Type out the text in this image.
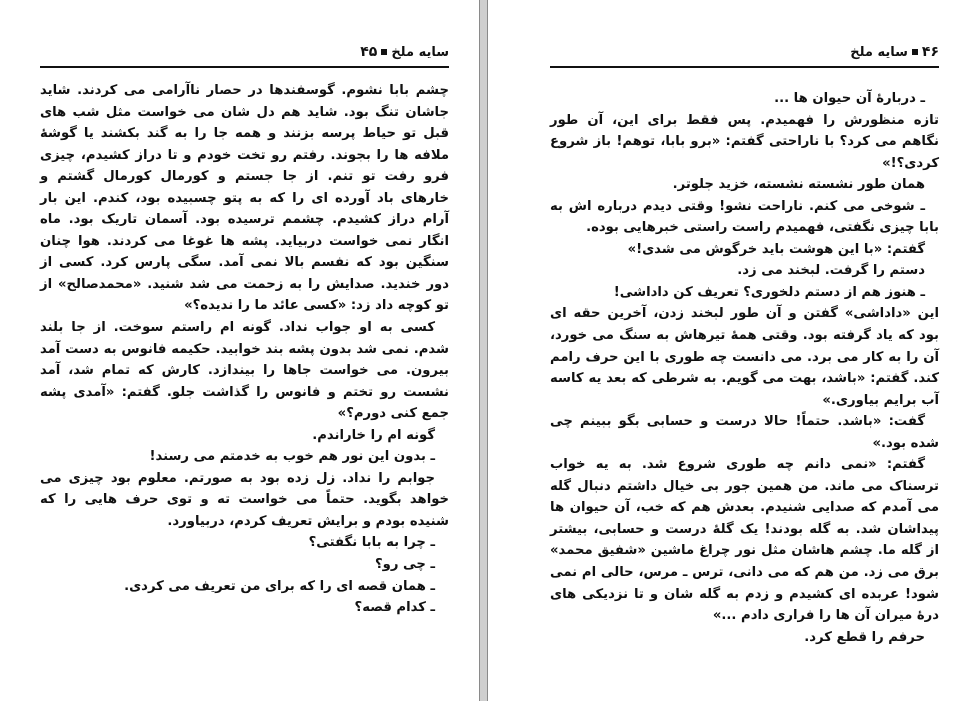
سایه ملخ۴۵

چشم بابا نشوم. گوسفندها در حصار ناآرامی می کردند. شاید جاشان تنگ بود. شاید هم دل شان می خواست مثل شب های قبل تو حیاط پرسه بزنند و همه جا را به گند بکشند یا گوشهٔ ملافه ها را بجوند. رفتم رو تخت خودم و تا دراز کشیدم، چیزی فرو رفت تو تنم. از جا جستم و کورمال کورمال گشتم و خارهای باد آورده ای را که به پتو چسبیده بود، کندم. این بار آرام دراز کشیدم. چشمم ترسیده بود. آسمان تاریک بود. ماه انگار نمی خواست دربیاید. پشه ها غوغا می کردند. هوا چنان سنگین بود که نفسم بالا نمی آمد. سگی پارس کرد. کسی از دور خندید. صدایش را به زحمت می شد شنید. «محمدصالح» از تو کوچه داد زد: «کسی عائد ما را ندیده؟»

کسی به او جواب نداد. گونه ام راستم سوخت. از جا بلند شدم. نمی شد بدون پشه بند خوابید. حکیمه فانوس به دست آمد بیرون. می خواست جاها را بیندازد. کارش که تمام شد، آمد نشست رو تختم و فانوس را گذاشت جلو. گفتم: «آمدی پشه جمع کنی دورم؟»

گونه ام را خاراندم.

ـ بدون این نور هم خوب به خدمتم می رسند!

جوابم را نداد. زل زده بود به صورتم. معلوم بود چیزی می خواهد بگوید. حتماً می خواست ته و توی حرف هایی را که شنیده بودم و برایش تعریف کردم، دربیاورد.

ـ چرا به بابا نگفتی؟

ـ چی رو؟

ـ همان قصه ای را که برای من تعریف می کردی.

ـ کدام قصه؟

۴۶سایه ملخ

ـ دربارهٔ آن حیوان ها ...

تازه منظورش را فهمیدم. پس فقط برای این، آن طور نگاهم می کرد؟ با ناراحتی گفتم: «برو بابا، توهم! باز شروع کردی؟!»

همان طور نشسته نشسته، خزید جلوتر.

ـ شوخی می کنم. ناراحت نشو! وقتی دیدم درباره اش به بابا چیزی نگفتی، فهمیدم راست راستی خبرهایی بوده.

گفتم: «با این هوشت باید خرگوش می شدی!»

دستم را گرفت. لبخند می زد.

ـ هنوز هم از دستم دلخوری؟ تعریف کن داداشی!

این «داداشی» گفتن و آن طور لبخند زدن، آخرین حقه ای بود که یاد گرفته بود. وقتی همهٔ تیرهاش به سنگ می خورد، آن را به کار می برد. می دانست چه طوری با این حرف رامم کند. گفتم: «باشد، بهت می گویم. به شرطی که بعد یه کاسه آب برایم بیاوری.»

گفت: «باشد. حتماً! حالا درست و حسابی بگو ببینم چی شده بود.»

گفتم: «نمی دانم چه طوری شروع شد. به یه خواب ترسناک می ماند. من همین جور بی خیال داشتم دنبال گله می آمدم که صدایی شنیدم. بعدش هم که خب، آن حیوان ها پیداشان شد. به گله بودند! یک گلهٔ درست و حسابی، بیشتر از گله ما. چشم هاشان مثل نور چراغ ماشین «شفیق محمد» برق می زد. من هم که می دانی، ترس ـ مرس، حالی ام نمی شود! عربده ای کشیدم و زدم به گله شان و تا نزدیکی های درهٔ میران آن ها را فراری دادم ...»

حرفم را قطع کرد.
